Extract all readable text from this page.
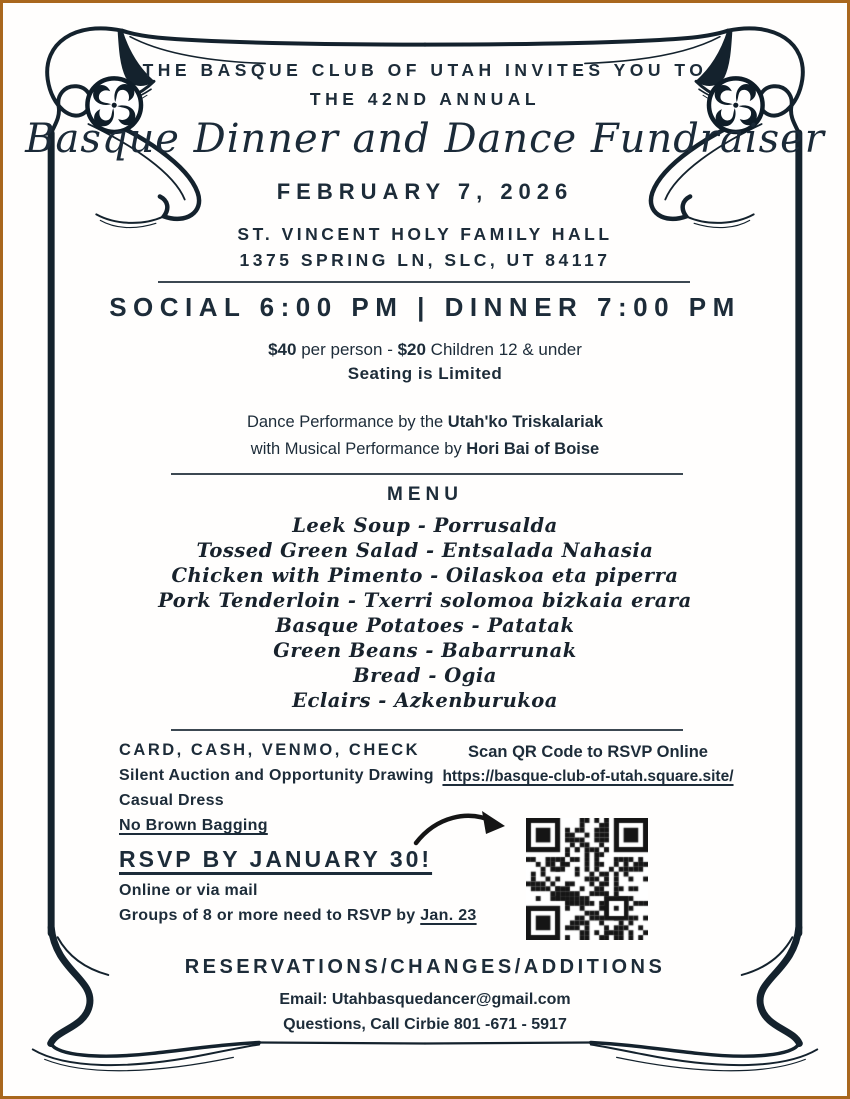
THE BASQUE CLUB OF UTAH INVITES YOU TO
THE 42ND ANNUAL
Basque Dinner and Dance Fundraiser
FEBRUARY 7, 2026
ST. VINCENT HOLY FAMILY HALL
1375 SPRING LN, SLC, UT 84117
SOCIAL 6:00 PM | DINNER 7:00 PM
$40 per person - $20 Children 12 & under
Seating is Limited
Dance Performance by the Utah'ko Triskalariak
with Musical Performance by Hori Bai of Boise
MENU
Leek Soup - Porrusalda
Tossed Green Salad - Entsalada Nahasia
Chicken with Pimento - Oilaskoa eta piperra
Pork Tenderloin - Txerri solomoa bizkaia erara
Basque Potatoes - Patatak
Green Beans - Babarrunak
Bread - Ogia
Eclairs - Azkenburukoa
CARD, CASH, VENMO, CHECK
Silent Auction and Opportunity Drawing
Casual Dress
No Brown Bagging
RSVP BY JANUARY 30!
Online or via mail
Groups of 8 or more need to RSVP by Jan. 23
Scan QR Code to RSVP Online
https://basque-club-of-utah.square.site/
RESERVATIONS/CHANGES/ADDITIONS
Email: Utahbasquedancer@gmail.com
Questions, Call Cirbie 801 -671 - 5917
